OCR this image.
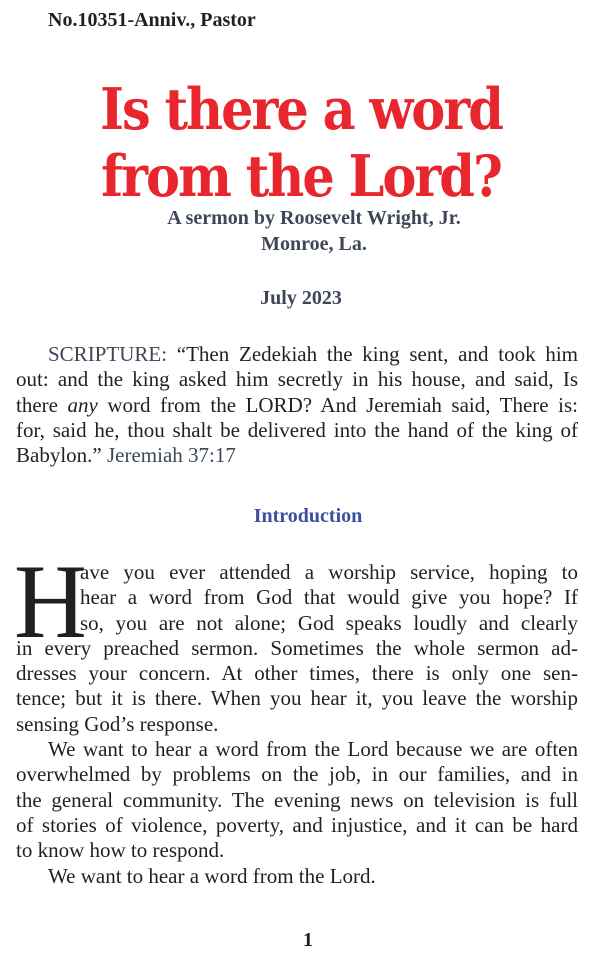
No.10351-Anniv., Pastor
Is there a word
from the Lord?
A sermon by Roosevelt Wright, Jr.
Monroe, La.
July 2023
SCRIPTURE: “Then Zedekiah the king sent, and took him
out: and the king asked him secretly in his house, and said, Is
there any word from the LORD? And Jeremiah said, There is:
for, said he, thou shalt be delivered into the hand of the king of
Babylon.” Jeremiah 37:17
Introduction
H
ave you ever attended a worship service, hoping to
hear a word from God that would give you hope? If
so, you are not alone; God speaks loudly and clearly
in every preached sermon. Sometimes the whole sermon ad-
dresses your concern. At other times, there is only one sen-
tence; but it is there. When you hear it, you leave the worship
sensing God’s response.
We want to hear a word from the Lord because we are often
overwhelmed by problems on the job, in our families, and in
the general community. The evening news on television is full
of stories of violence, poverty, and injustice, and it can be hard
to know how to respond.
We want to hear a word from the Lord.
1
